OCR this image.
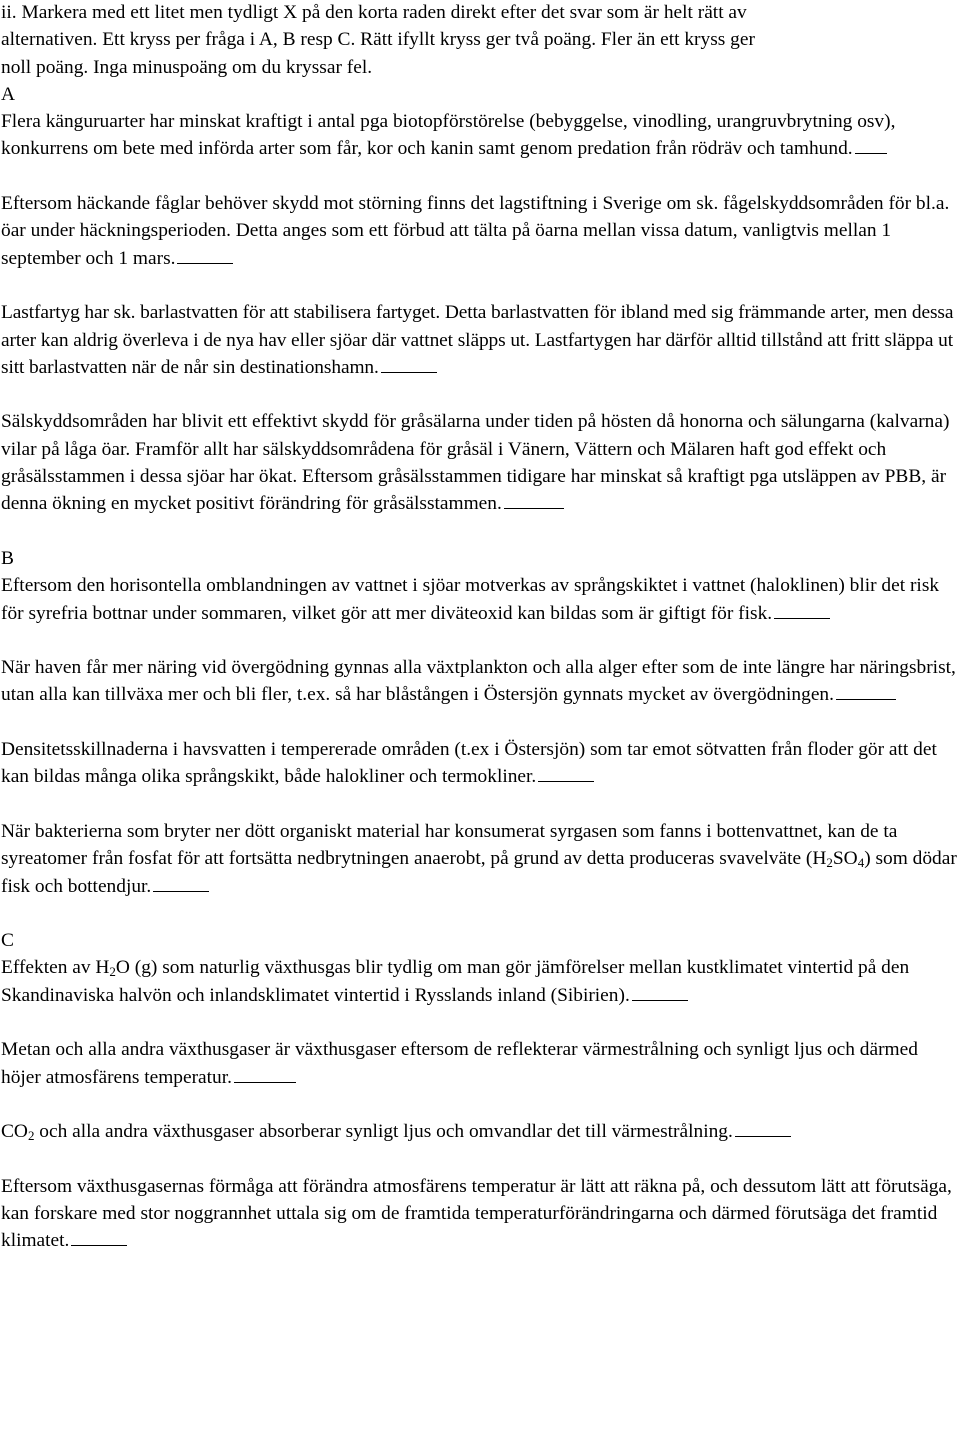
ii. Markera med ett litet men tydligt X på den korta raden direkt efter det svar som är helt rätt av
alternativen. Ett kryss per fråga i A, B resp C. Rätt ifyllt kryss ger två poäng. Fler än ett kryss ger
noll poäng. Inga minuspoäng om du kryssar fel.

A

Flera känguruarter har minskat kraftigt i antal pga biotopförstörelse (bebyggelse, vinodling, urangruvbrytning osv), konkurrens om bete med införda arter som får, kor och kanin samt genom predation från rödräv och tamhund.

Eftersom häckande fåglar behöver skydd mot störning finns det lagstiftning i Sverige om sk. fågelskyddsområden för bl.a. öar under häckningsperioden. Detta anges som ett förbud att tälta på öarna mellan vissa datum, vanligtvis mellan 1 september och 1 mars.

Lastfartyg har sk. barlastvatten för att stabilisera fartyget. Detta barlastvatten för ibland med sig främmande arter, men dessa arter kan aldrig överleva i de nya hav eller sjöar där vattnet släpps ut. Lastfartygen har därför alltid tillstånd att fritt släppa ut sitt barlastvatten när de når sin destinationshamn.

Sälskyddsområden har blivit ett effektivt skydd för gråsälarna under tiden på hösten då honorna och sälungarna (kalvarna) vilar på låga öar. Framför allt har sälskyddsområdena för gråsäl i Vänern, Vättern och Mälaren haft god effekt och gråsälsstammen i dessa sjöar har ökat. Eftersom gråsälsstammen tidigare har minskat så kraftigt pga utsläppen av PBB, är denna ökning en mycket positivt förändring för gråsälsstammen.

B

Eftersom den horisontella omblandningen av vattnet i sjöar motverkas av språngskiktet i vattnet (haloklinen) blir det risk för syrefria bottnar under sommaren, vilket gör att mer diväteoxid kan bildas som är giftigt för fisk.

När haven får mer näring vid övergödning gynnas alla växtplankton och alla alger efter som de inte längre har näringsbrist, utan alla kan tillväxa mer och bli fler, t.ex. så har blåstången i Östersjön gynnats mycket av övergödningen.

Densitetsskillnaderna i havsvatten i tempererade områden (t.ex i Östersjön) som tar emot sötvatten från floder gör att det kan bildas många olika språngskikt, både halokliner och termokliner.

När bakterierna som bryter ner dött organiskt material har konsumerat syrgasen som fanns i bottenvattnet, kan de ta syreatomer från fosfat för att fortsätta nedbrytningen anaerobt, på grund av detta produceras svavelväte $(H_2SO_4)$ som dödar fisk och bottendjur.

C

Effekten av $H_2O$ (g) som naturlig växthusgas blir tydlig om man gör jämförelser mellan kustklimatet vintertid på den Skandinaviska halvön och inlandsklimatet vintertid i Rysslands inland (Sibirien).

Metan och alla andra växthusgaser är växthusgaser eftersom de reflekterar värmestrålning och synligt ljus och därmed höjer atmosfärens temperatur.

$CO_2$ och alla andra växthusgaser absorberar synligt ljus och omvandlar det till värmestrålning.

Eftersom växthusgasernas förmåga att förändra atmosfärens temperatur är lätt att räkna på, och dessutom lätt att förutsäga, kan forskare med stor noggrannhet uttala sig om de framtida temperaturförändringarna och därmed förutsäga det framtid klimatet.
